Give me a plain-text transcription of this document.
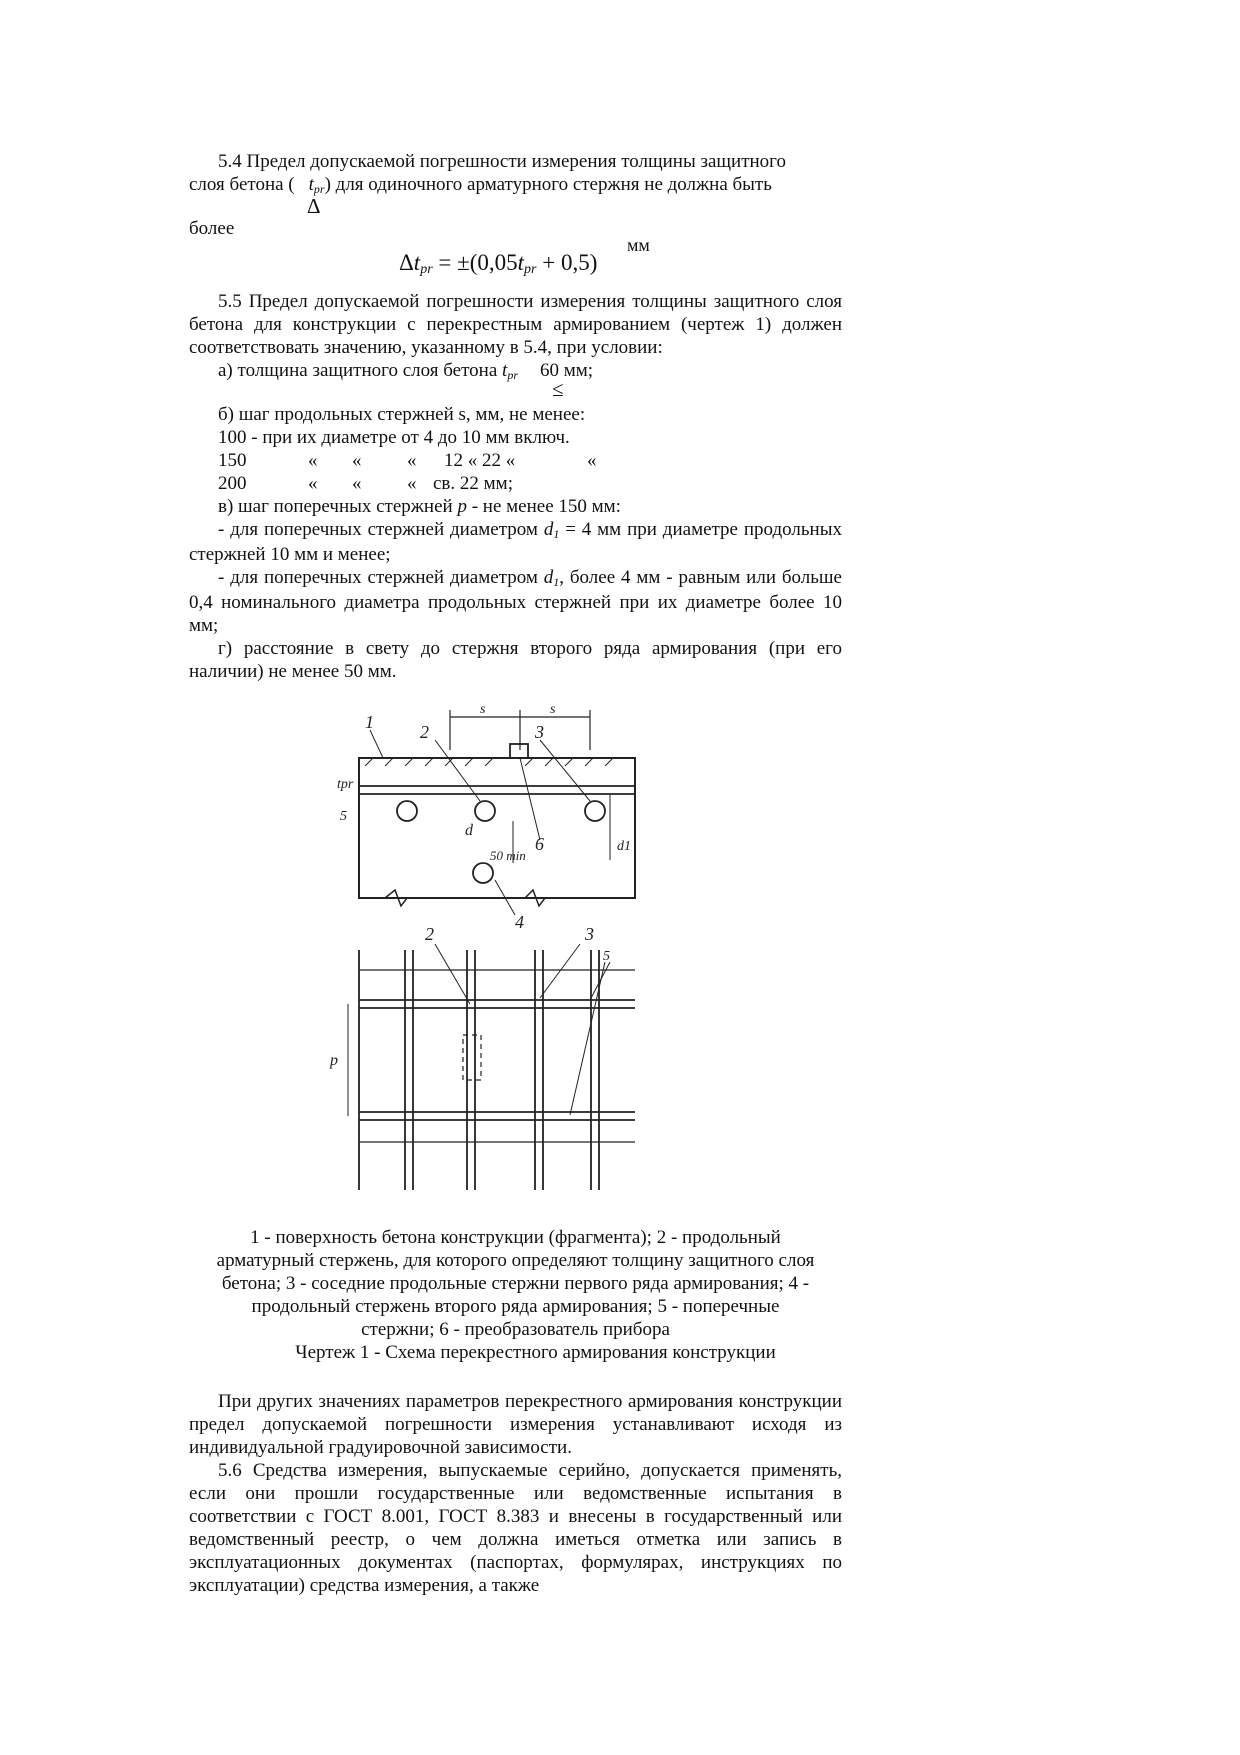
5.4 Предел допускаемой погрешности измерения толщины защитного

слоя бетона ( tpr) для одиночного арматурного стержня не должна быть
Δ

более

мм
Δtpr = ±(0,05tpr + 0,5)

5.5 Предел допускаемой погрешности измерения толщины защитного слоя бетона для конструкции с перекрестным армированием (чертеж 1) должен соответствовать значению, указанному в 5.4, при условии:

а) толщина защитного слоя бетона tpr 60 мм;
≤

б) шаг продольных стержней s, мм, не менее:

100 - при их диаметре от 4 до 10 мм включ.

150	« « « 12 « 22 «	«
200	« « « св. 22 мм;

в) шаг поперечных стержней p - не менее 150 мм:

- для поперечных стержней диаметром d1 = 4 мм при диаметре продольных стержней 10 мм и менее;

- для поперечных стержней диаметром d1, более 4 мм - равным или больше 0,4 номинального диаметра продольных стержней при их диаметре более 10 мм;

г) расстояние в свету до стержня второго ряда армирования (при его наличии) не менее 50 мм.

s	s
1	2	3
4
6
d
tpr
5
d1
50 min
2	3
5
p
1 - поверхность бетона конструкции (фрагмента); 2 - продольный
арматурный стержень, для которого определяют толщину защитного слоя
бетона; 3 - соседние продольные стержни первого ряда армирования; 4 -
продольный стержень второго ряда армирования; 5 - поперечные
стержни; 6 - преобразователь прибора
Чертеж 1 - Схема перекрестного армирования конструкции

При других значениях параметров перекрестного армирования конструкции предел допускаемой погрешности измерения устанавливают исходя из индивидуальной градуировочной зависимости.

5.6 Средства измерения, выпускаемые серийно, допускается применять, если они прошли государственные или ведомственные испытания в соответствии с ГОСТ 8.001, ГОСТ 8.383 и внесены в государственный или ведомственный реестр, о чем должна иметься отметка или запись в эксплуатационных документах (паспортах, формулярах, инструкциях по эксплуатации) средства измерения, а также
